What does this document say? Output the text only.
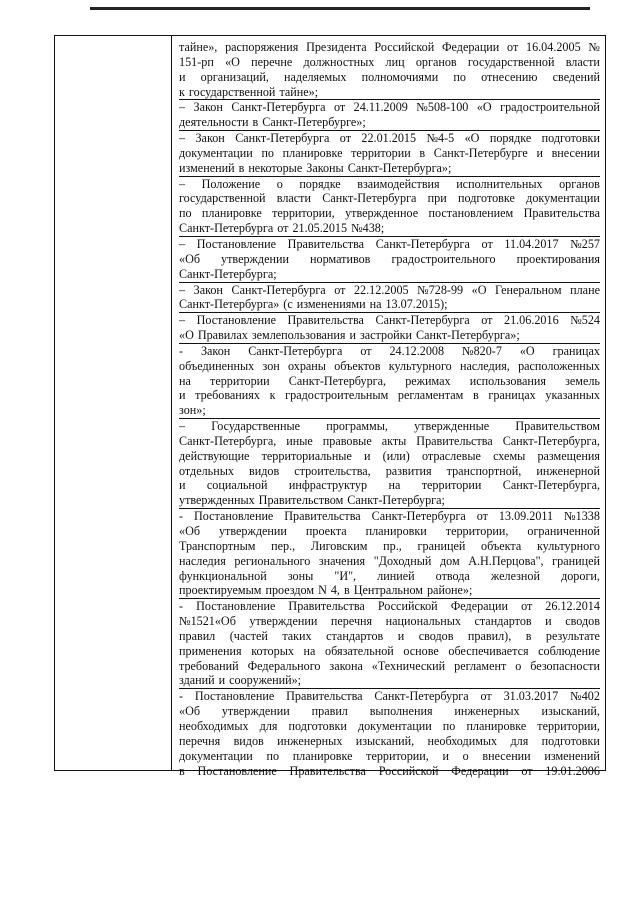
тайне», распоряжения Президента Российской Федерации от 16.04.2005 №
151-рп «О перечне должностных лиц органов государственной власти
и организаций, наделяемых полномочиями по отнесению сведений
к государственной тайне»;
– Закон Санкт-Петербурга от 24.11.2009 №508-100 «О градостроительной
деятельности в Санкт-Петербурге»;
– Закон Санкт-Петербурга от 22.01.2015 №4-5 «О порядке подготовки
документации по планировке территории в Санкт-Петербурге и внесении
изменений в некоторые Законы Санкт-Петербурга»;
– Положение о порядке взаимодействия исполнительных органов
государственной власти Санкт-Петербурга при подготовке документации
по планировке территории, утвержденное постановлением Правительства
Санкт-Петербурга от 21.05.2015 №438;
– Постановление Правительства Санкт-Петербурга от 11.04.2017 №257
«Об утверждении нормативов градостроительного проектирования
Санкт-Петербурга;
– Закон Санкт-Петербурга от 22.12.2005 №728-99 «О Генеральном плане
Санкт-Петербурга» (с изменениями на 13.07.2015);
– Постановление Правительства Санкт-Петербурга от 21.06.2016 №524
«О Правилах землепользования и застройки Санкт-Петербурга»;
- Закон Санкт-Петербурга от 24.12.2008 №820-7 «О границах
объединенных зон охраны объектов культурного наследия, расположенных
на территории Санкт-Петербурга, режимах использования земель
и требованиях к градостроительным регламентам в границах указанных
зон»;
– Государственные программы, утвержденные Правительством
Санкт-Петербурга, иные правовые акты Правительства Санкт-Петербурга,
действующие территориальные и (или) отраслевые схемы размещения
отдельных видов строительства, развития транспортной, инженерной
и социальной инфраструктур на территории Санкт-Петербурга,
утвержденных Правительством Санкт-Петербурга;
- Постановление Правительства Санкт-Петербурга от 13.09.2011 №1338
«Об утверждении проекта планировки территории, ограниченной
Транспортным пер., Лиговским пр., границей объекта культурного
наследия регионального значения "Доходный дом А.Н.Перцова", границей
функциональной зоны "И", линией отвода железной дороги,
проектируемым проездом N 4, в Центральном районе»;
- Постановление Правительства Российской Федерации от 26.12.2014
№1521«Об утверждении перечня национальных стандартов и сводов
правил (частей таких стандартов и сводов правил), в результате
применения которых на обязательной основе обеспечивается соблюдение
требований Федерального закона «Технический регламент о безопасности
зданий и сооружений»;
- Постановление Правительства Санкт-Петербурга от 31.03.2017 №402
«Об утверждении правил выполнения инженерных изысканий,
необходимых для подготовки документации по планировке территории,
перечня видов инженерных изысканий, необходимых для подготовки
документации по планировке территории, и о внесении изменений
в Постановление Правительства Российской Федерации от 19.01.2006
